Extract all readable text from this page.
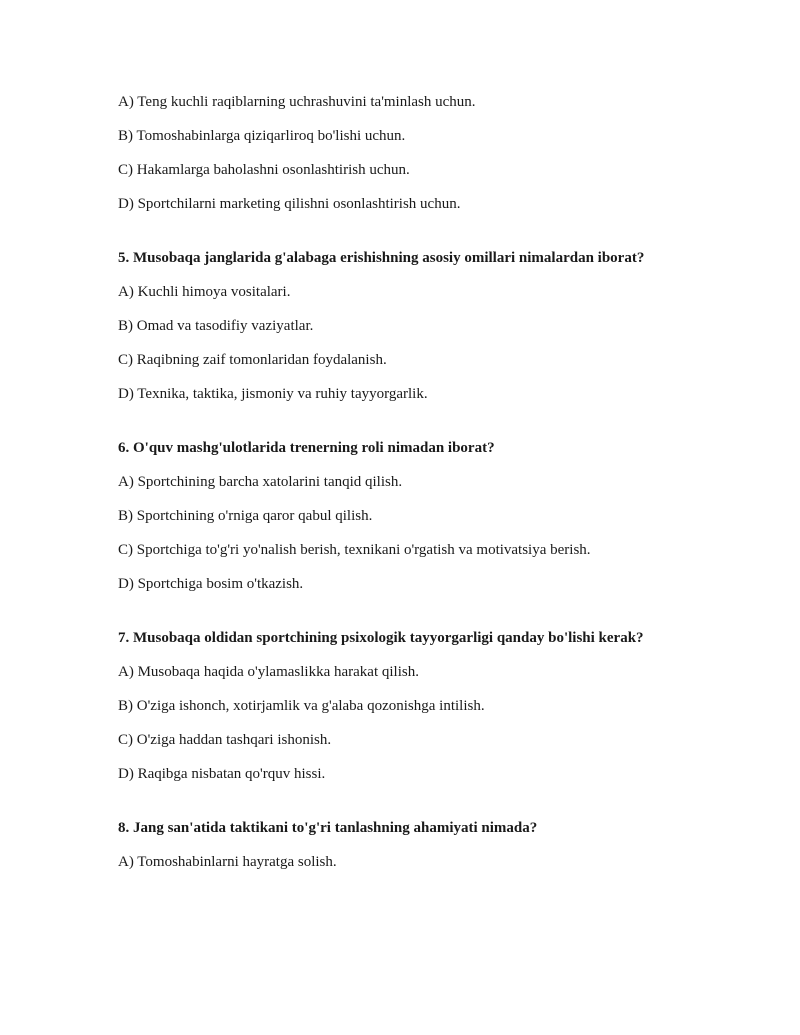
A) Teng kuchli raqiblarning uchrashuvini ta'minlash uchun.
B) Tomoshabinlarga qiziqarliroq bo'lishi uchun.
C) Hakamlarga baholashni osonlashtirish uchun.
D) Sportchilarni marketing qilishni osonlashtirish uchun.
5. Musobaqa janglarida g'alabaga erishishning asosiy omillari nimalardan iborat?
A) Kuchli himoya vositalari.
B) Omad va tasodifiy vaziyatlar.
C) Raqibning zaif tomonlaridan foydalanish.
D) Texnika, taktika, jismoniy va ruhiy tayyorgarlik.
6. O'quv mashg'ulotlarida trenerning roli nimadan iborat?
A) Sportchining barcha xatolarini tanqid qilish.
B) Sportchining o'rniga qaror qabul qilish.
C) Sportchiga to'g'ri yo'nalish berish, texnikani o'rgatish va motivatsiya berish.
D) Sportchiga bosim o'tkazish.
7. Musobaqa oldidan sportchining psixologik tayyorgarligi qanday bo'lishi kerak?
A) Musobaqa haqida o'ylamaslikka harakat qilish.
B) O'ziga ishonch, xotirjamlik va g'alaba qozonishga intilish.
C) O'ziga haddan tashqari ishonish.
D) Raqibga nisbatan qo'rquv hissi.
8. Jang san'atida taktikani to'g'ri tanlashning ahamiyati nimada?
A) Tomoshabinlarni hayratga solish.
